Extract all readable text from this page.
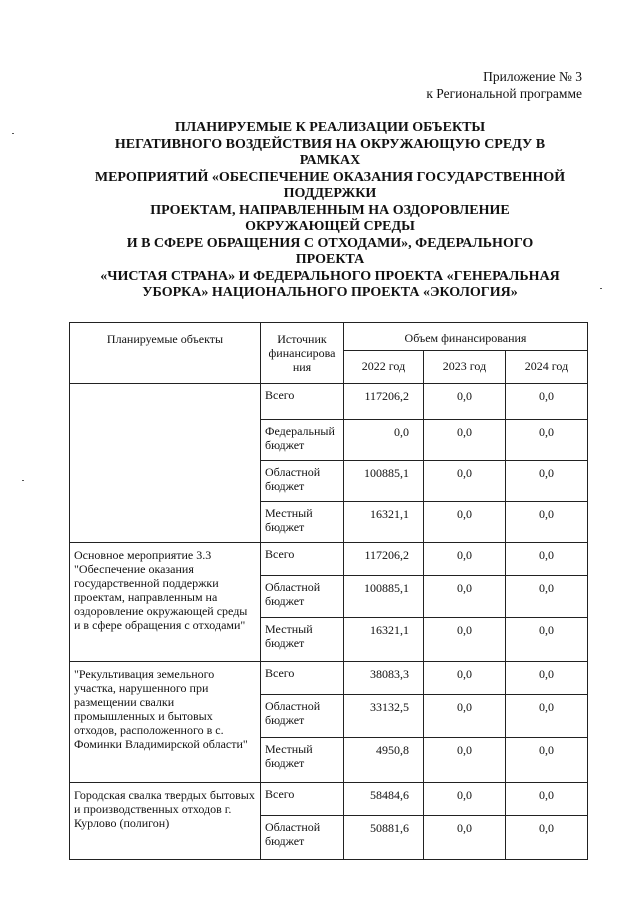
Приложение № 3
к Региональной программе
ПЛАНИРУЕМЫЕ К РЕАЛИЗАЦИИ ОБЪЕКТЫ
НЕГАТИВНОГО ВОЗДЕЙСТВИЯ НА ОКРУЖАЮЩУЮ СРЕДУ В
РАМКАХ
МЕРОПРИЯТИЙ «ОБЕСПЕЧЕНИЕ ОКАЗАНИЯ ГОСУДАРСТВЕННОЙ
ПОДДЕРЖКИ
ПРОЕКТАМ, НАПРАВЛЕННЫМ НА ОЗДОРОВЛЕНИЕ
ОКРУЖАЮЩЕЙ СРЕДЫ
И В СФЕРЕ ОБРАЩЕНИЯ С ОТХОДАМИ», ФЕДЕРАЛЬНОГО
ПРОЕКТА
«ЧИСТАЯ СТРАНА» И ФЕДЕРАЛЬНОГО ПРОЕКТА «ГЕНЕРАЛЬНАЯ
УБОРКА» НАЦИОНАЛЬНОГО ПРОЕКТА «ЭКОЛОГИЯ»
Планируемые объекты	Источник финансирова ния	Объем финансирования		
		2022 год	2023 год	2024 год
	Всего	117206,2	0,0	0,0
	Федеральный бюджет	0,0	0,0	0,0
	Областной бюджет	100885,1	0,0	0,0
	Местный бюджет	16321,1	0,0	0,0
Основное мероприятие 3.3 "Обеспечение оказания государственной поддержки проектам, направленным на оздоровление окружающей среды и в сфере обращения с отходами"	Всего	117206,2	0,0	0,0
	Областной бюджет	100885,1	0,0	0,0
	Местный бюджет	16321,1	0,0	0,0
"Рекультивация земельного участка, нарушенного при размещении свалки промышленных и бытовых отходов, расположенного в с. Фоминки Владимирской области"	Всего	38083,3	0,0	0,0
	Областной бюджет	33132,5	0,0	0,0
	Местный бюджет	4950,8	0,0	0,0
Городская свалка твердых бытовых и производственных отходов г. Курлово (полигон)	Всего	58484,6	0,0	0,0
	Областной бюджет	50881,6	0,0	0,0
